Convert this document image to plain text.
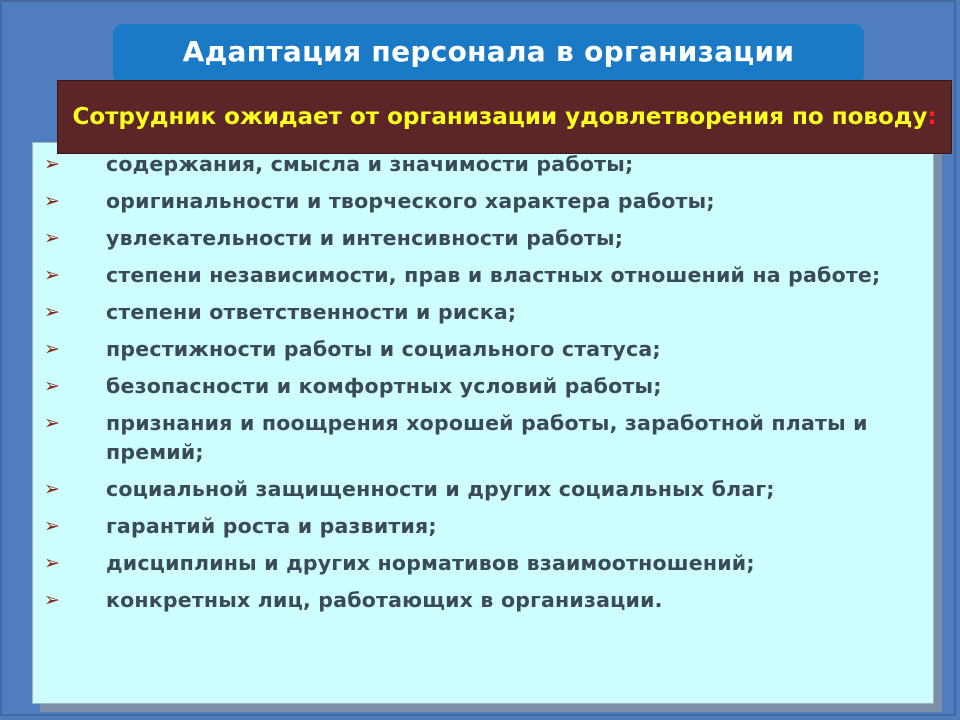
Адаптация персонала в организации
Сотрудник ожидает от организации удовлетворения по поводу:
➢ содержания, смысла и значимости работы;
➢ оригинальности и творческого характера работы;
➢ увлекательности и интенсивности работы;
➢ степени независимости, прав и властных отношений на работе;
➢ степени ответственности и риска;
➢ престижности работы и социального статуса;
➢ безопасности и комфортных условий работы;
➢ признания и поощрения хорошей работы, заработной платы и премий;
➢ социальной защищенности и других социальных благ;
➢ гарантий роста и развития;
➢ дисциплины и других нормативов взаимоотношений;
➢ конкретных лиц, работающих в организации.
